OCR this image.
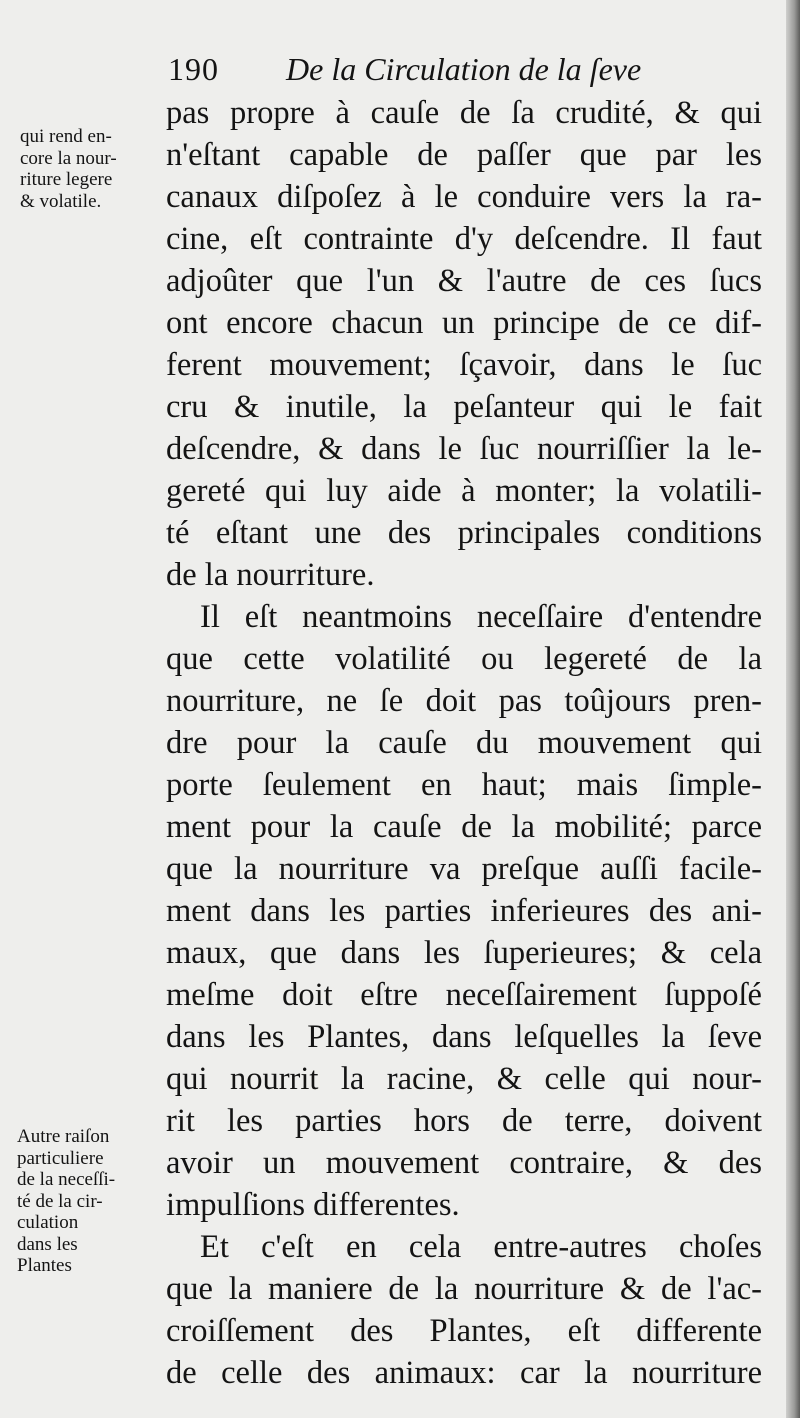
190 De la Circulation de la ſeve
qui rend en-
core la nour-
riture legere
& volatile.
Autre raiſon
particuliere
de la neceſſi-
té de la cir-
culation
dans les
Plantes
pas propre à cauſe de ſa crudité, & qui
n'eſtant capable de paſſer que par les
canaux diſpoſez à le conduire vers la ra-
cine, eſt contrainte d'y deſcendre. Il faut
adjoûter que l'un & l'autre de ces ſucs
ont encore chacun un principe de ce dif-
ferent mouvement; ſçavoir, dans le ſuc
cru & inutile, la peſanteur qui le fait
deſcendre, & dans le ſuc nourriſſier la le-
gereté qui luy aide à monter; la volatili-
té eſtant une des principales conditions
de la nourriture.
Il eſt neantmoins neceſſaire d'entendre
que cette volatilité ou legereté de la
nourriture, ne ſe doit pas toûjours pren-
dre pour la cauſe du mouvement qui
porte ſeulement en haut; mais ſimple-
ment pour la cauſe de la mobilité; parce
que la nourriture va preſque auſſi facile-
ment dans les parties inferieures des ani-
maux, que dans les ſuperieures; & cela
meſme doit eſtre neceſſairement ſuppoſé
dans les Plantes, dans leſquelles la ſeve
qui nourrit la racine, & celle qui nour-
rit les parties hors de terre, doivent
avoir un mouvement contraire, & des
impulſions differentes.
Et c'eſt en cela entre-autres choſes
que la maniere de la nourriture & de l'ac-
croiſſement des Plantes, eſt differente
de celle des animaux: car la nourriture
